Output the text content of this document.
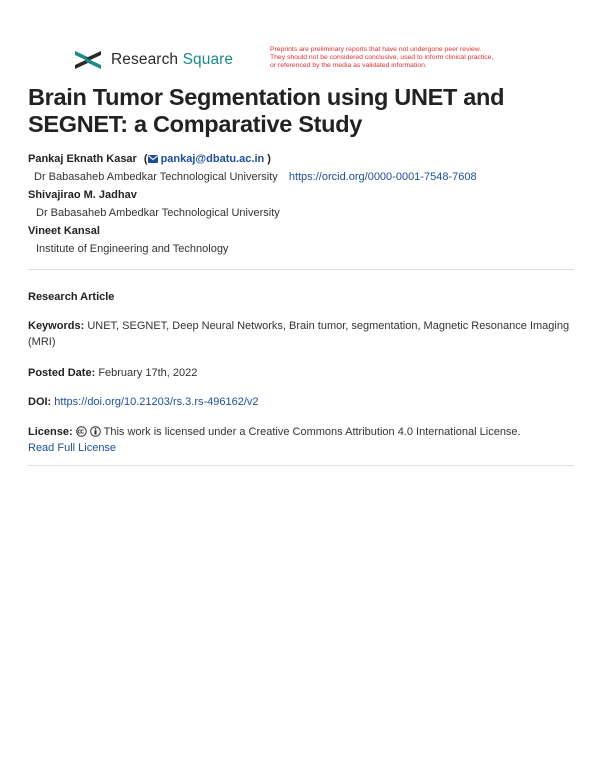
Research Square
Preprints are preliminary reports that have not undergone peer review.
They should not be considered conclusive, used to inform clinical practice,
or referenced by the media as validated information.
Brain Tumor Segmentation using UNET and
SEGNET: a Comparative Study
Pankaj Eknath Kasar ( pankaj@dbatu.ac.in )
Dr Babasaheb Ambedkar Technological University https://orcid.org/0000-0001-7548-7608
Shivajirao M. Jadhav
Dr Babasaheb Ambedkar Technological University
Vineet Kansal
Institute of Engineering and Technology
Research Article
Keywords: UNET, SEGNET, Deep Neural Networks, Brain tumor, segmentation, Magnetic Resonance Imaging (MRI)
Posted Date: February 17th, 2022
DOI: https://doi.org/10.21203/rs.3.rs-496162/v2
License:	This work is licensed under a Creative Commons Attribution 4.0 International License.
Read Full License
